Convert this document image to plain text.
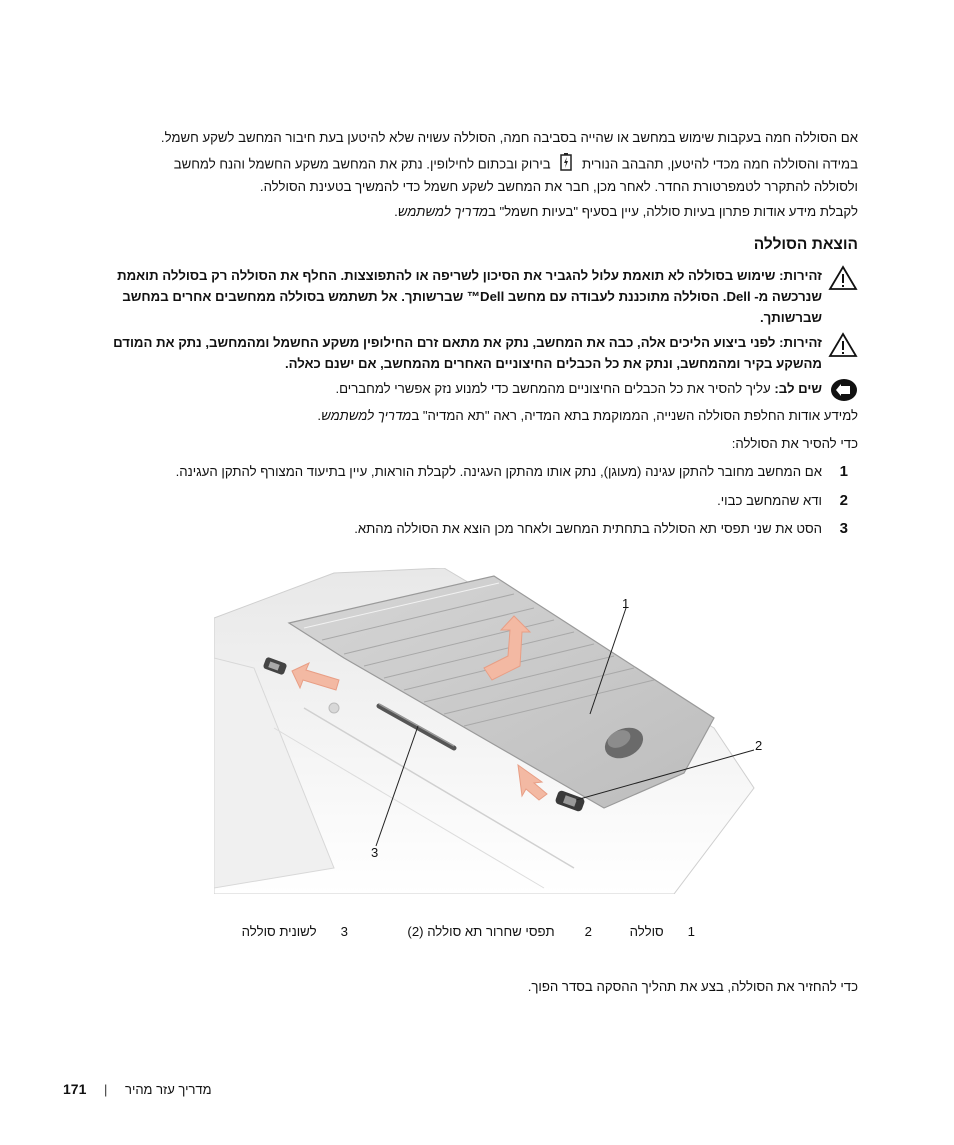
אם הסוללה חמה בעקבות שימוש במחשב או שהייה בסביבה חמה, הסוללה עשויה שלא להיטען בעת חיבור המחשב לשקע חשמל.
במידה והסוללה חמה מכדי להיטען, תהבהב הנורית  בירוק ובכתום לחילופין. נתק את המחשב משקע החשמל והנח למחשב
ולסוללה להתקרר לטמפרטורת החדר. לאחר מכן, חבר את המחשב לשקע חשמל כדי להמשיך בטעינת הסוללה.
לקבלת מידע אודות פתרון בעיות סוללה, עיין בסעיף "בעיות חשמל" במדריך למשתמש.
הוצאת הסוללה
זהירות: שימוש בסוללה לא תואמת עלול להגביר את הסיכון לשריפה או להתפוצצות. החלף את הסוללה רק בסוללה תואמת שנרכשה מ- Dell. הסוללה מתוכננת לעבודה עם מחשב Dell™ שברשותך. אל תשתמש בסוללה ממחשבים אחרים במחשב שברשותך.
זהירות: לפני ביצוע הליכים אלה, כבה את המחשב, נתק את מתאם זרם החילופין משקע החשמל ומהמחשב, נתק את המודם מהשקע בקיר ומהמחשב, ונתק את כל הכבלים החיצוניים האחרים מהמחשב, אם ישנם כאלה.
שים לב: עליך להסיר את כל הכבלים החיצוניים מהמחשב כדי למנוע נזק אפשרי למחברים.
למידע אודות החלפת הסוללה השנייה, הממוקמת בתא המדיה, ראה "תא המדיה" במדריך למשתמש.
כדי להסיר את הסוללה:
1
אם המחשב מחובר להתקן עגינה (מעוגן), נתק אותו מהתקן העגינה. לקבלת הוראות, עיין בתיעוד המצורף להתקן העגינה.
2
ודא שהמחשב כבוי.
3
הסט את שני תפסי תא הסוללה בתחתית המחשב ולאחר מכן הוצא את הסוללה מהתא.
1
2
3
1סוללה
2תפסי שחרור תא סוללה (2)
3לשונית סוללה
כדי להחזיר את הסוללה, בצע את תהליך ההסקה בסדר הפוך.
171 | מדריך עזר מהיר
